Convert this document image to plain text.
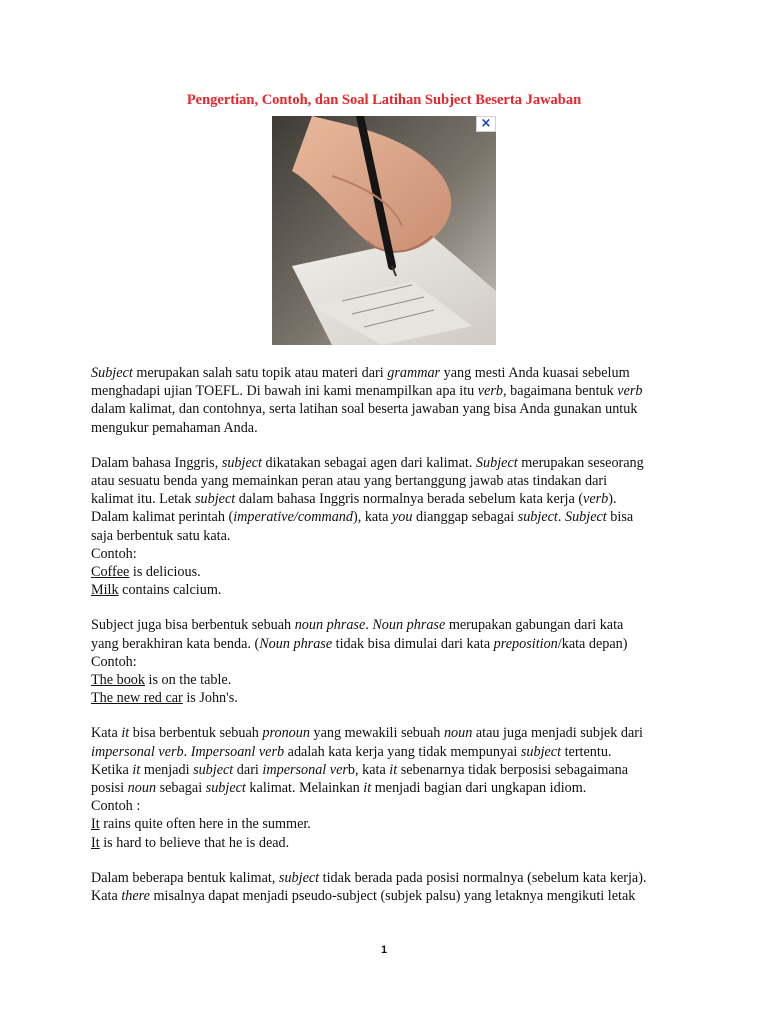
Pengertian, Contoh, dan Soal Latihan Subject Beserta Jawaban
×

Subject merupakan salah satu topik atau materi dari grammar yang mesti Anda kuasai sebelum
menghadapi ujian TOEFL. Di bawah ini kami menampilkan apa itu verb, bagaimana bentuk verb
dalam kalimat, dan contohnya, serta latihan soal beserta jawaban yang bisa Anda gunakan untuk
mengukur pemahaman Anda.

Dalam bahasa Inggris, subject dikatakan sebagai agen dari kalimat. Subject merupakan seseorang
atau sesuatu benda yang memainkan peran atau yang bertanggung jawab atas tindakan dari
kalimat itu. Letak subject dalam bahasa Inggris normalnya berada sebelum kata kerja (verb).
Dalam kalimat perintah (imperative/command), kata you dianggap sebagai subject. Subject bisa
saja berbentuk satu kata.
Contoh:
Coffee is delicious.
Milk contains calcium.

Subject juga bisa berbentuk sebuah noun phrase. Noun phrase merupakan gabungan dari kata
yang berakhiran kata benda. (Noun phrase tidak bisa dimulai dari kata preposition/kata depan)
Contoh:
The book is on the table.
The new red car is John's.

Kata it bisa berbentuk sebuah pronoun yang mewakili sebuah noun atau juga menjadi subjek dari
impersonal verb. Impersoanl verb adalah kata kerja yang tidak mempunyai subject tertentu.
Ketika it menjadi subject dari impersonal verb, kata it sebenarnya tidak berposisi sebagaimana
posisi noun sebagai subject kalimat. Melainkan it menjadi bagian dari ungkapan idiom.
Contoh :
It rains quite often here in the summer.
It is hard to believe that he is dead.

Dalam beberapa bentuk kalimat, subject tidak berada pada posisi normalnya (sebelum kata kerja).
Kata there misalnya dapat menjadi pseudo-subject (subjek palsu) yang letaknya mengikuti letak

1
